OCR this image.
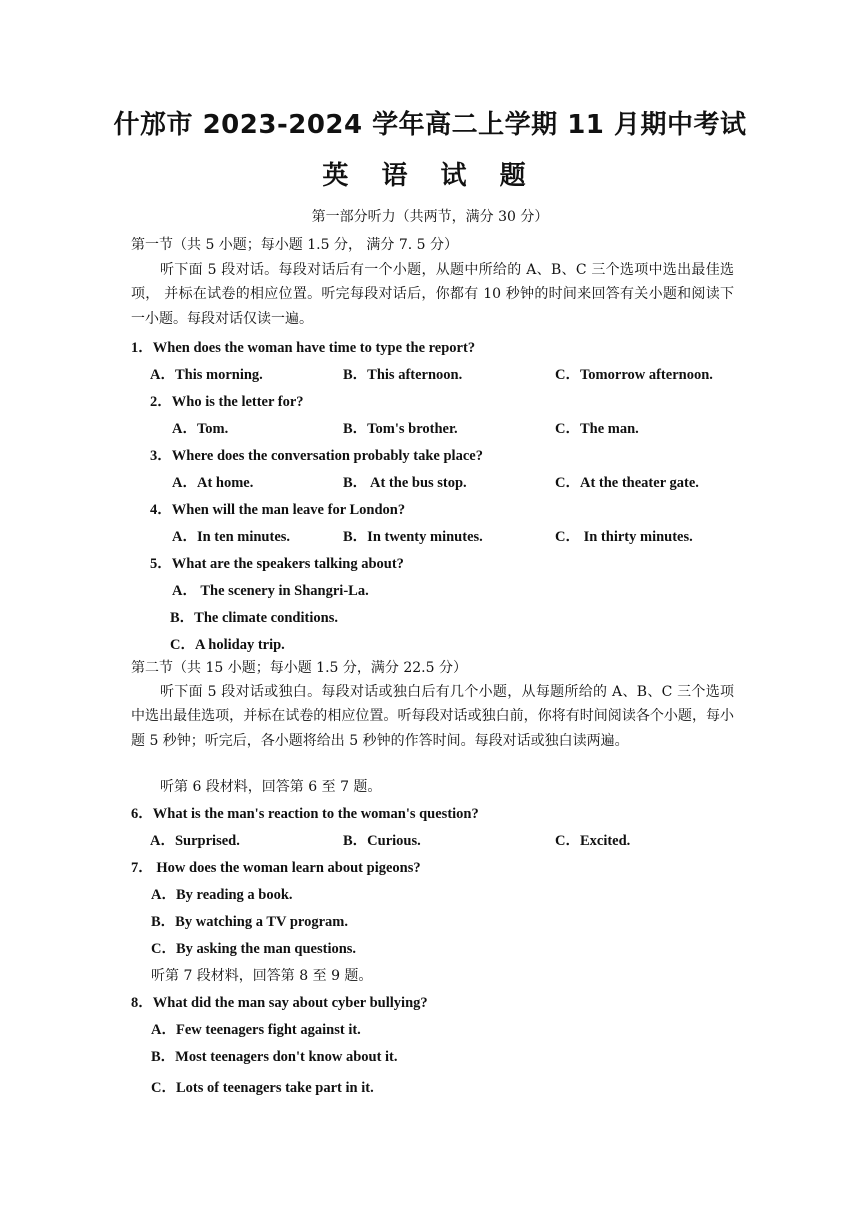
什邡市 2023-2024 学年高二上学期 11 月期中考试
英 语 试 题
第一部分听力（共两节，满分 30 分）
第一节（共 5 小题；每小题 1.5 分， 满分 7. 5 分）
听下面 5 段对话。每段对话后有一个小题，从题中所给的 A、B、C 三个选项中选出最佳选项， 并标在试卷的相应位置。听完每段对话后，你都有 10 秒钟的时间来回答有关小题和阅读下一小题。每段对话仅读一遍。
1．When does the woman have time to type the report?
A．This morning.	B．This afternoon.	C．Tomorrow afternoon.
2．Who is the letter for?
A．Tom.	B．Tom's brother.	C．The man.
3．Where does the conversation probably take place?
A．At home.	B． At the bus stop.	C．At the theater gate.
4．When will the man leave for London?
A．In ten minutes.	B．In twenty minutes.	C． In thirty minutes.
5．What are the speakers talking about?
A． The scenery in Shangri-La.
B．The climate conditions.
C．A holiday trip.
第二节（共 15 小题；每小题 1.5 分，满分 22.5 分）
听下面 5 段对话或独白。每段对话或独白后有几个小题，从每题所给的 A、B、C 三个选项中选出最佳选项，并标在试卷的相应位置。听每段对话或独白前，你将有时间阅读各个小题，每小题 5 秒钟；听完后，各小题将给出 5 秒钟的作答时间。每段对话或独白读两遍。
听第 6 段材料，回答第 6 至 7 题。
6．What is the man's reaction to the woman's question?
A．Surprised.	B．Curious.	C．Excited.
7． How does the woman learn about pigeons?
A．By reading a book.
B．By watching a TV program.
C．By asking the man questions.
听第 7 段材料，回答第 8 至 9 题。
8．What did the man say about cyber bullying?
A．Few teenagers fight against it.
B．Most teenagers don't know about it.
C．Lots of teenagers take part in it.
